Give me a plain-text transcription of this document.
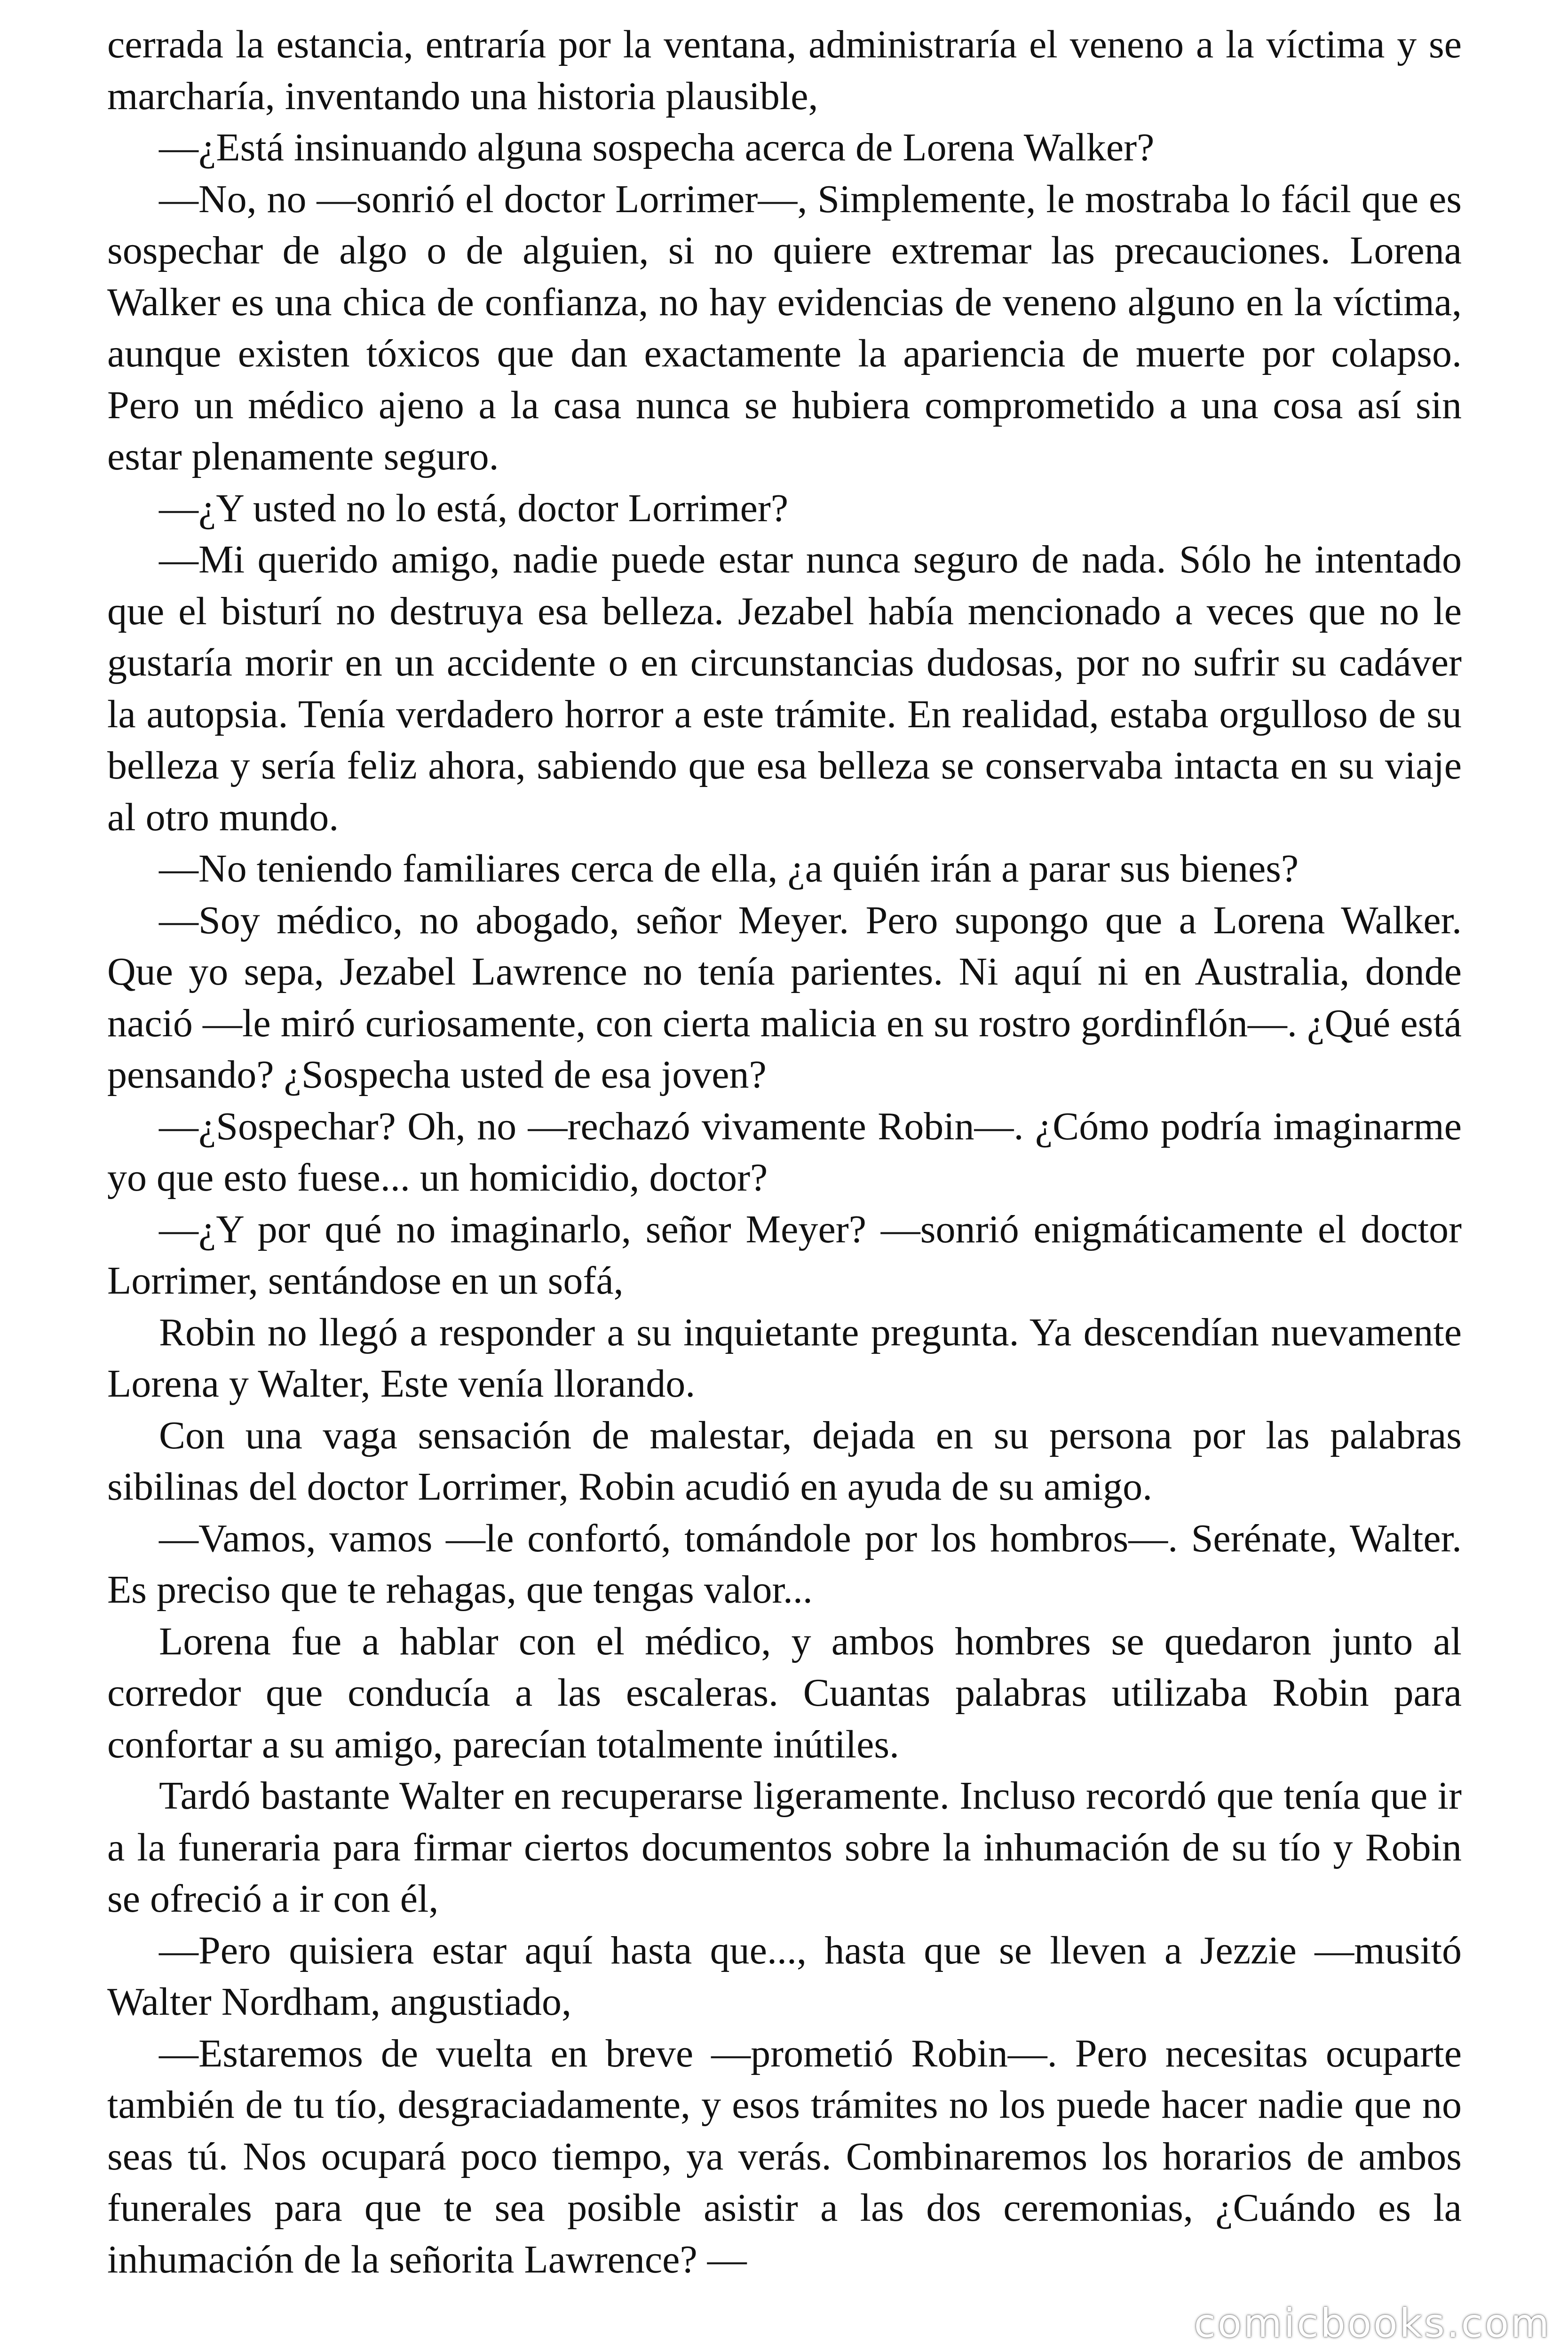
cerrada la estancia, entraría por la ventana, administraría el veneno a la víctima y se marcharía, inventando una historia plausible,

—¿Está insinuando alguna sospecha acerca de Lorena Walker?

—No, no —sonrió el doctor Lorrimer—, Simplemente, le mostraba lo fácil que es sospechar de algo o de alguien, si no quiere extremar las precauciones. Lorena Walker es una chica de confianza, no hay evidencias de veneno alguno en la víctima, aunque existen tóxicos que dan exactamente la apariencia de muerte por colapso. Pero un médico ajeno a la casa nunca se hubiera comprometido a una cosa así sin estar plenamente seguro.

—¿Y usted no lo está, doctor Lorrimer?

—Mi querido amigo, nadie puede estar nunca seguro de nada. Sólo he intentado que el bisturí no destruya esa belleza. Jezabel había mencionado a veces que no le gustaría morir en un accidente o en circunstancias dudosas, por no sufrir su cadáver la autopsia. Tenía verdadero horror a este trámite. En realidad, estaba orgulloso de su belleza y sería feliz ahora, sabiendo que esa belleza se conservaba intacta en su viaje al otro mundo.

—No teniendo familiares cerca de ella, ¿a quién irán a parar sus bienes?

—Soy médico, no abogado, señor Meyer. Pero supongo que a Lorena Walker. Que yo sepa, Jezabel Lawrence no tenía parientes. Ni aquí ni en Australia, donde nació —le miró curiosamente, con cierta malicia en su rostro gordinflón—. ¿Qué está pensando? ¿Sospecha usted de esa joven?

—¿Sospechar? Oh, no —rechazó vivamente Robin—. ¿Cómo podría imaginarme yo que esto fuese... un homicidio, doctor?

—¿Y por qué no imaginarlo, señor Meyer? —sonrió enigmáticamente el doctor Lorrimer, sentándose en un sofá,

Robin no llegó a responder a su inquietante pregunta. Ya descendían nuevamente Lorena y Walter, Este venía llorando.

Con una vaga sensación de malestar, dejada en su persona por las palabras sibilinas del doctor Lorrimer, Robin acudió en ayuda de su amigo.

—Vamos, vamos —le confortó, tomándole por los hombros—. Serénate, Walter. Es preciso que te rehagas, que tengas valor...

Lorena fue a hablar con el médico, y ambos hombres se quedaron junto al corredor que conducía a las escaleras. Cuantas palabras utilizaba Robin para confortar a su amigo, parecían totalmente inútiles.

Tardó bastante Walter en recuperarse ligeramente. Incluso recordó que tenía que ir a la funeraria para firmar ciertos documentos sobre la inhumación de su tío y Robin se ofreció a ir con él,

—Pero quisiera estar aquí hasta que..., hasta que se lleven a Jezzie —musitó Walter Nordham, angustiado,

—Estaremos de vuelta en breve —prometió Robin—. Pero necesitas ocuparte también de tu tío, desgraciadamente, y esos trámites no los puede hacer nadie que no seas tú. Nos ocupará poco tiempo, ya verás. Combinaremos los horarios de ambos funerales para que te sea posible asistir a las dos ceremonias, ¿Cuándo es la inhumación de la señorita Lawrence? —

comicbooks.com
